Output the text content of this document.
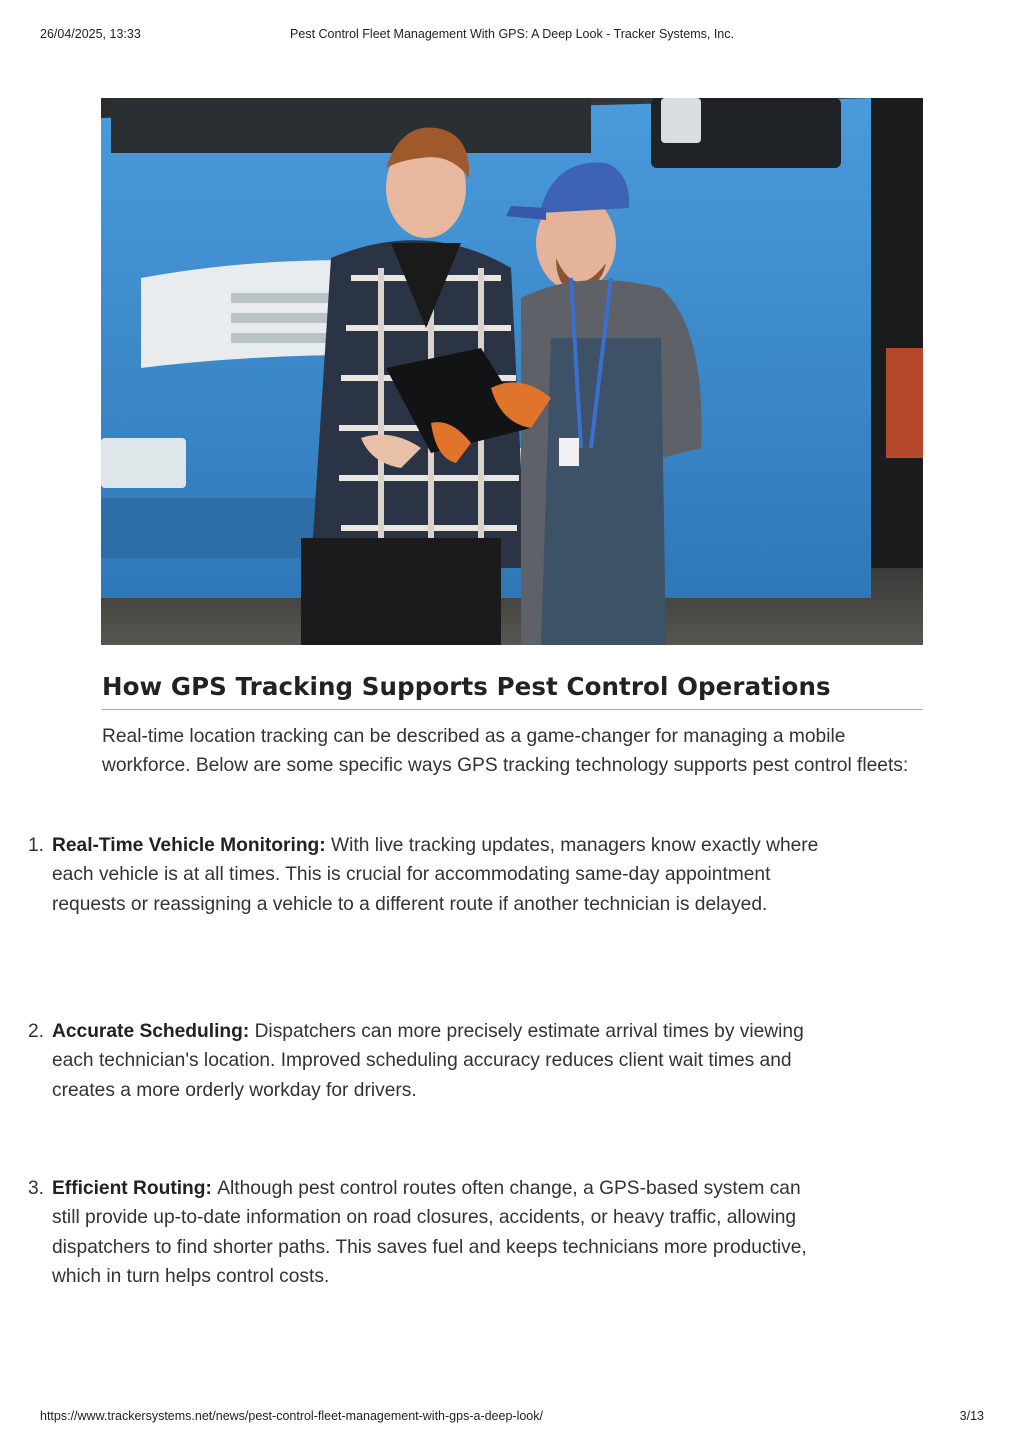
26/04/2025, 13:33	Pest Control Fleet Management With GPS: A Deep Look - Tracker Systems, Inc.
How GPS Tracking Supports Pest Control Operations

Real-time location tracking can be described as a game-changer for managing a mobile workforce. Below are some specific ways GPS tracking technology supports pest control fleets:

1. Real-Time Vehicle Monitoring: With live tracking updates, managers know exactly where each vehicle is at all times. This is crucial for accommodating same-day appointment requests or reassigning a vehicle to a different route if another technician is delayed.
2. Accurate Scheduling: Dispatchers can more precisely estimate arrival times by viewing each technician's location. Improved scheduling accuracy reduces client wait times and creates a more orderly workday for drivers.
3. Efficient Routing: Although pest control routes often change, a GPS-based system can still provide up-to-date information on road closures, accidents, or heavy traffic, allowing dispatchers to find shorter paths. This saves fuel and keeps technicians more productive, which in turn helps control costs.
https://www.trackersystems.net/news/pest-control-fleet-management-with-gps-a-deep-look/	3/13
